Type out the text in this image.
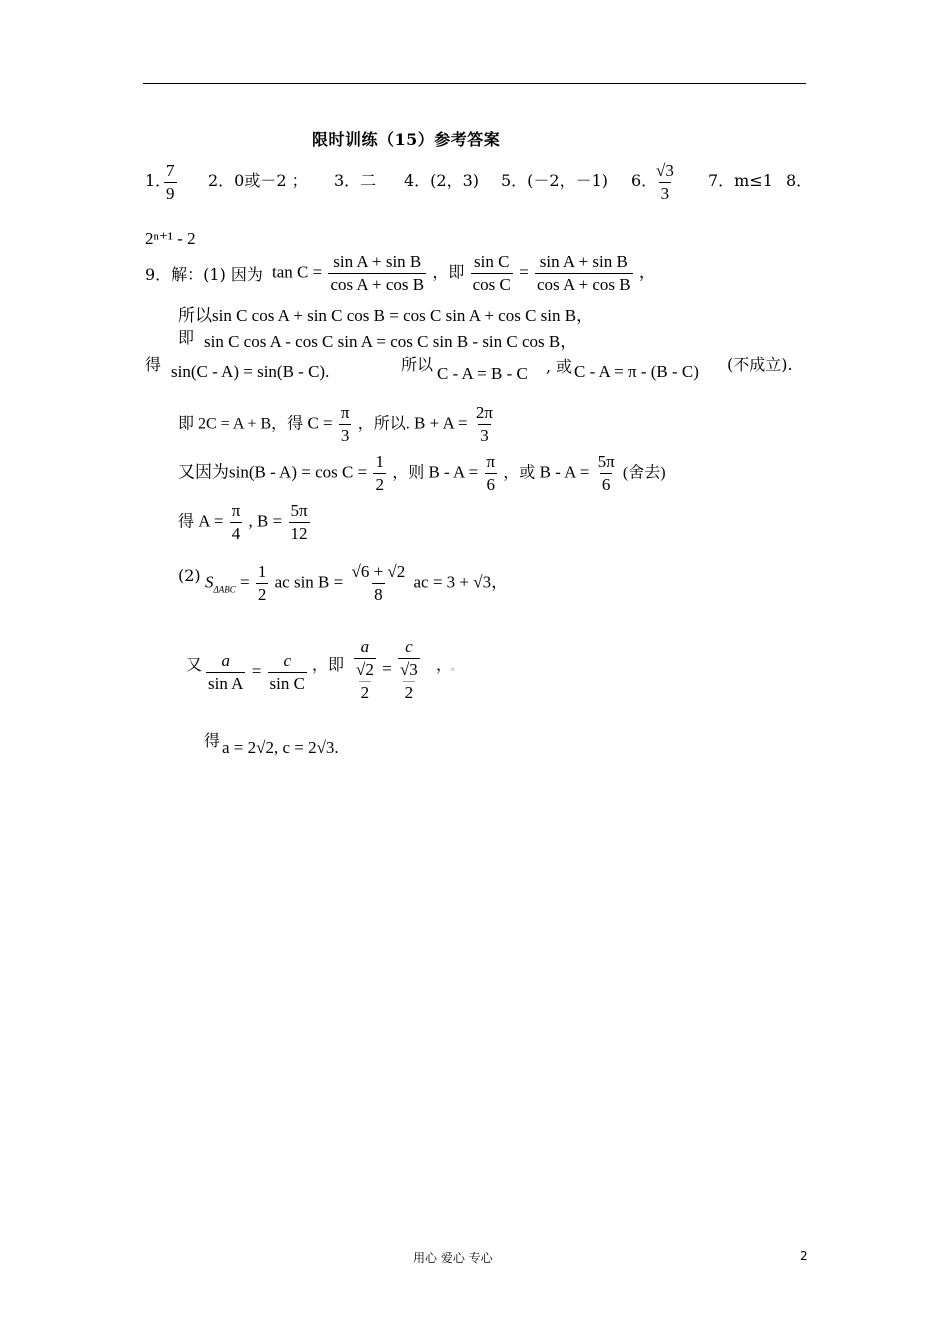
限时训练（15）参考答案
1．
$\frac{7}{9} 2$．0或－2 ； 3．二 4．(2，3) 5．(－2，－1) 6．
$\frac{√3}{3} 7$．m≤1 8．
2ⁿ⁺¹ - 2
9．解：(1) 因为 $\tan C = \frac{\text{sin A + sin B}}{\text{cos A + cos B}}$ ，即 $\frac{\text{sin C}}{\text{cos C}} = \frac{\text{sin A + sin B}}{\text{cos A + cos B}}$ ，
所以sin C cos A + sin C cos B = cos C sin A + cos C sin B，
即 sin C cos A - cos C sin A = cos C sin B - sin C cos B，
得 sin(C - A) = sin(B - C).	所以 C - A = B - C , 或 C - A = π - (B - C) (不成立).
即 2C = A + B，得 $C = \frac{\pi}{3}$ ，所以. $B + A = \frac{2\pi}{3}$
又因为$\sin(B - A) = \cos C = \frac{1}{2}$ ，则 $B - A = \frac{\pi}{6}$ ，或 $B - A = \frac{5\pi}{6}$ (舍去)
得 $A = \frac{\pi}{4}$ , $B = \frac{5\pi}{12}$
(2) $S_{\Delta ABC} = \frac{1}{2}$ ac $\sin B = \frac{√6 + √2}{8}$ ac = 3 + √3，
又 $\frac{a}{\text{sin A}} = \frac{c}{\text{sin C}}$ ，即 a
√2
2 = c
√3
2 ，
。
得 a = 2√2, c = 2√3.
用心 爱心 专心	2
